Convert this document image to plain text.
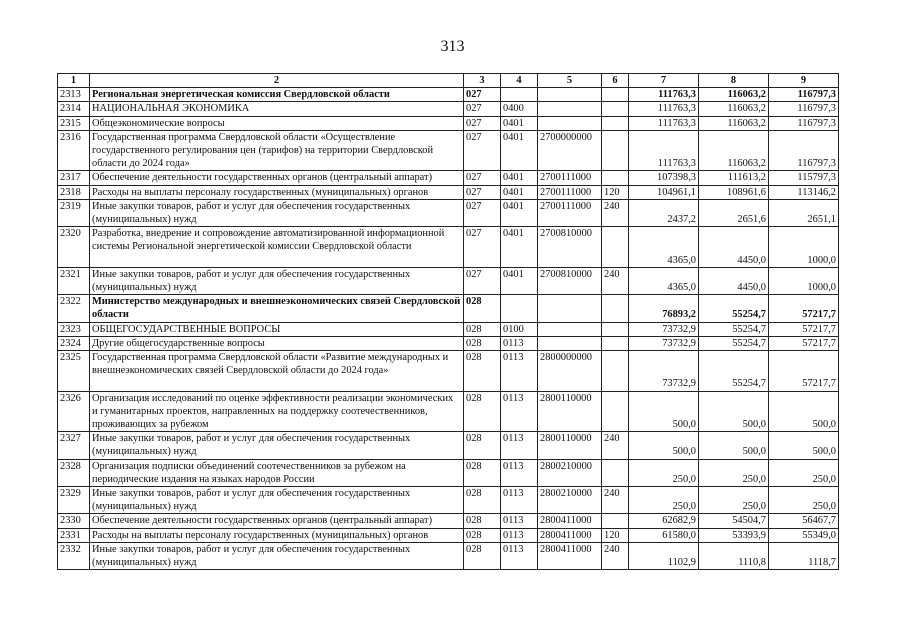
313
1	2	3	4	5	6	7	8	9
2313	Региональная энергетическая комиссия Свердловской области	027				111763,3	116063,2	116797,3
2314	НАЦИОНАЛЬНАЯ ЭКОНОМИКА	027	0400			111763,3	116063,2	116797,3
2315	Общеэкономические вопросы	027	0401			111763,3	116063,2	116797,3
2316	Государственная программа Свердловской области «Осуществление государственного регулирования цен (тарифов) на территории Свердловской области до 2024 года»	027	0401	2700000000		111763,3	116063,2	116797,3
2317	Обеспечение деятельности государственных органов (центральный аппарат)	027	0401	2700111000		107398,3	111613,2	115797,3
2318	Расходы на выплаты персоналу государственных (муниципальных) органов	027	0401	2700111000	120	104961,1	108961,6	113146,2
2319	Иные закупки товаров, работ и услуг для обеспечения государственных (муниципальных) нужд	027	0401	2700111000	240	2437,2	2651,6	2651,1
2320	Разработка, внедрение и сопровождение автоматизированной информационной системы Региональной энергетической комиссии Свердловской области	027	0401	2700810000		4365,0	4450,0	1000,0
2321	Иные закупки товаров, работ и услуг для обеспечения государственных (муниципальных) нужд	027	0401	2700810000	240	4365,0	4450,0	1000,0
2322	Министерство международных и внешнеэкономических связей Свердловской области	028				76893,2	55254,7	57217,7
2323	ОБЩЕГОСУДАРСТВЕННЫЕ ВОПРОСЫ	028	0100			73732,9	55254,7	57217,7
2324	Другие общегосударственные вопросы	028	0113			73732,9	55254,7	57217,7
2325	Государственная программа Свердловской области «Развитие международных и внешнеэкономических связей Свердловской области до 2024 года»	028	0113	2800000000		73732,9	55254,7	57217,7
2326	Организация исследований по оценке эффективности реализации экономических и гуманитарных проектов, направленных на поддержку соотечественников, проживающих за рубежом	028	0113	2800110000		500,0	500,0	500,0
2327	Иные закупки товаров, работ и услуг для обеспечения государственных (муниципальных) нужд	028	0113	2800110000	240	500,0	500,0	500,0
2328	Организация подписки объединений соотечественников за рубежом на периодические издания на языках народов России	028	0113	2800210000		250,0	250,0	250,0
2329	Иные закупки товаров, работ и услуг для обеспечения государственных (муниципальных) нужд	028	0113	2800210000	240	250,0	250,0	250,0
2330	Обеспечение деятельности государственных органов (центральный аппарат)	028	0113	2800411000		62682,9	54504,7	56467,7
2331	Расходы на выплаты персоналу государственных (муниципальных) органов	028	0113	2800411000	120	61580,0	53393,9	55349,0
2332	Иные закупки товаров, работ и услуг для обеспечения государственных (муниципальных) нужд	028	0113	2800411000	240	1102,9	1110,8	1118,7
